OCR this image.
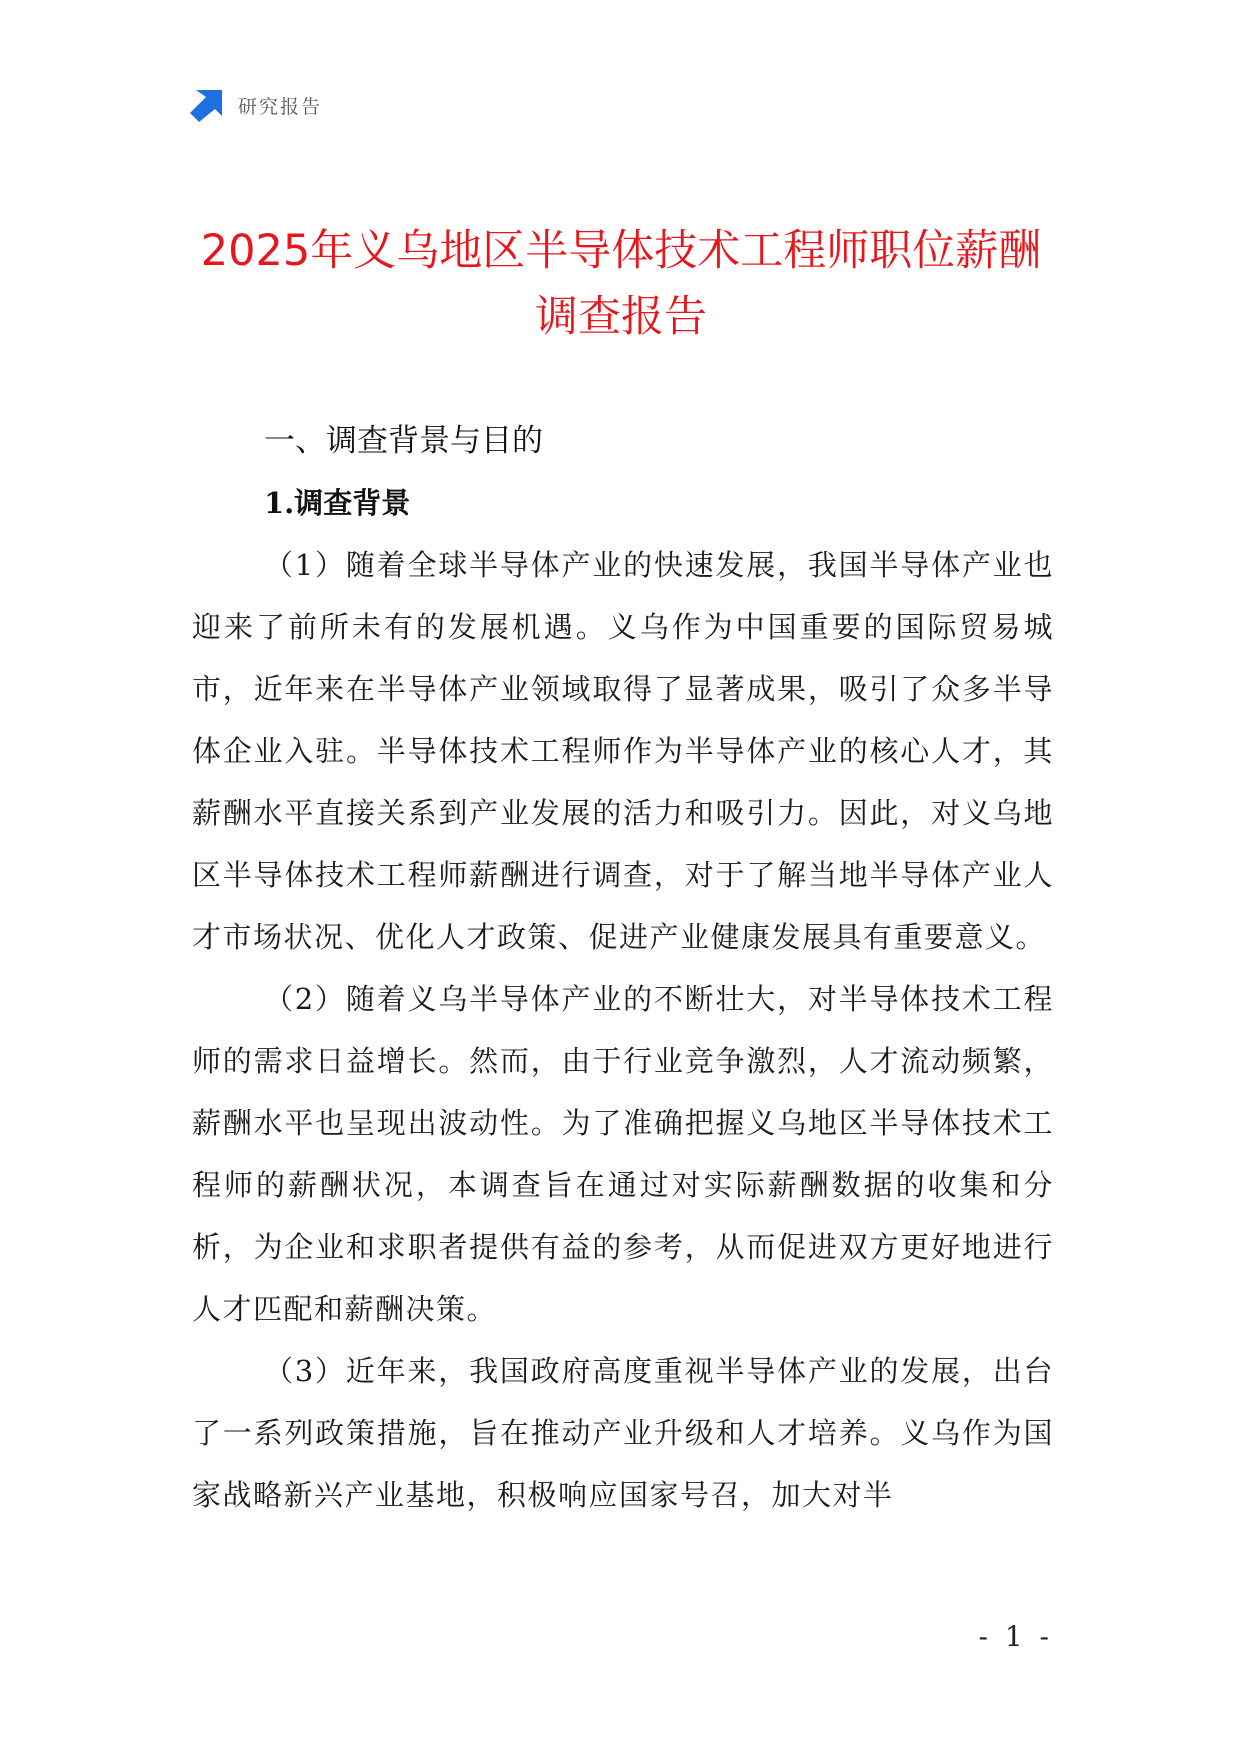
研究报告
2025年义乌地区半导体技术工程师职位薪酬调查报告
一、调查背景与目的
1.调查背景

（1）随着全球半导体产业的快速发展，我国半导体产业也迎来了前所未有的发展机遇。义乌作为中国重要的国际贸易城市，近年来在半导体产业领域取得了显著成果，吸引了众多半导体企业入驻。半导体技术工程师作为半导体产业的核心人才，其薪酬水平直接关系到产业发展的活力和吸引力。因此，对义乌地区半导体技术工程师薪酬进行调查，对于了解当地半导体产业人才市场状况、优化人才政策、促进产业健康发展具有重要意义。

（2）随着义乌半导体产业的不断壮大，对半导体技术工程师的需求日益增长。然而，由于行业竞争激烈，人才流动频繁，薪酬水平也呈现出波动性。为了准确把握义乌地区半导体技术工程师的薪酬状况，本调查旨在通过对实际薪酬数据的收集和分析，为企业和求职者提供有益的参考，从而促进双方更好地进行人才匹配和薪酬决策。

（3）近年来，我国政府高度重视半导体产业的发展，出台了一系列政策措施，旨在推动产业升级和人才培养。义乌作为国家战略新兴产业基地，积极响应国家号召，加大对半

- 1 -
